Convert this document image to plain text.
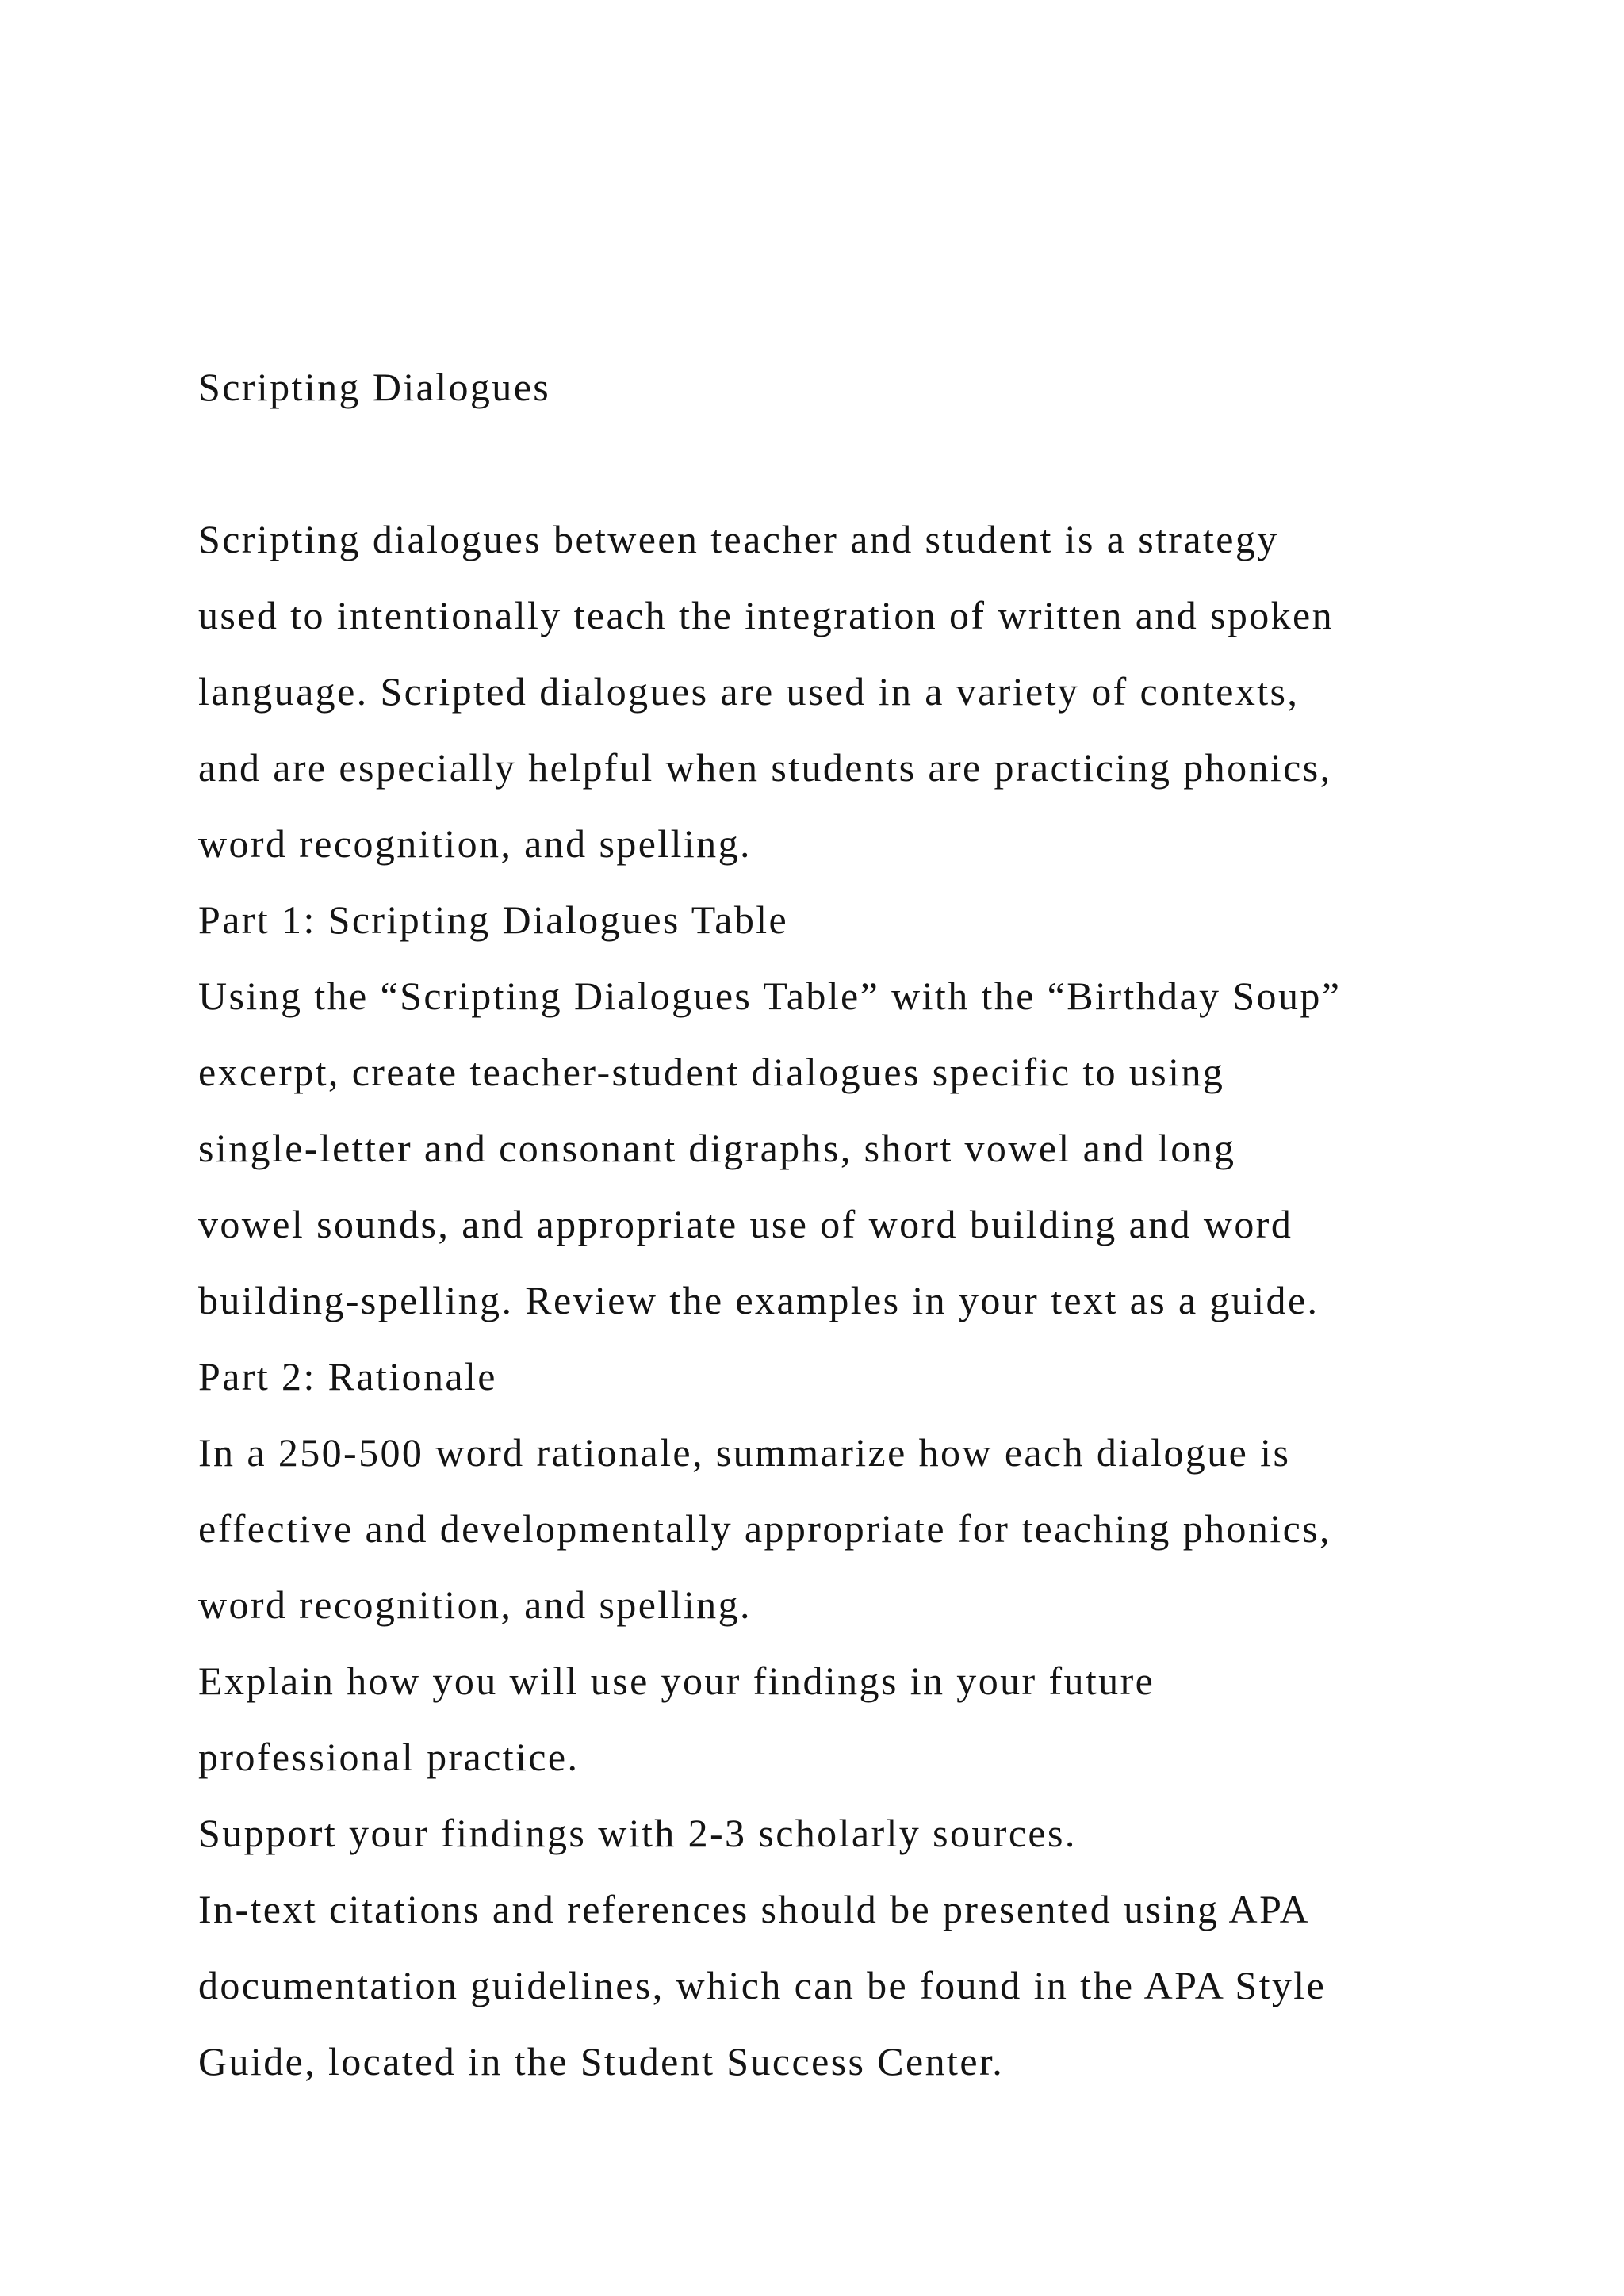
Scripting Dialogues

Scripting dialogues between teacher and student is a strategy
used to intentionally teach the integration of written and spoken
language. Scripted dialogues are used in a variety of contexts,
and are especially helpful when students are practicing phonics,
word recognition, and spelling.

Part 1: Scripting Dialogues Table

Using the “Scripting Dialogues Table” with the “Birthday Soup”
excerpt, create teacher-student dialogues specific to using
single-letter and consonant digraphs, short vowel and long
vowel sounds, and appropriate use of word building and word
building-spelling. Review the examples in your text as a guide.

Part 2: Rationale

In a 250-500 word rationale, summarize how each dialogue is
effective and developmentally appropriate for teaching phonics,
word recognition, and spelling.

Explain how you will use your findings in your future
professional practice.

Support your findings with 2-3 scholarly sources.

In-text citations and references should be presented using APA
documentation guidelines, which can be found in the APA Style
Guide, located in the Student Success Center.
